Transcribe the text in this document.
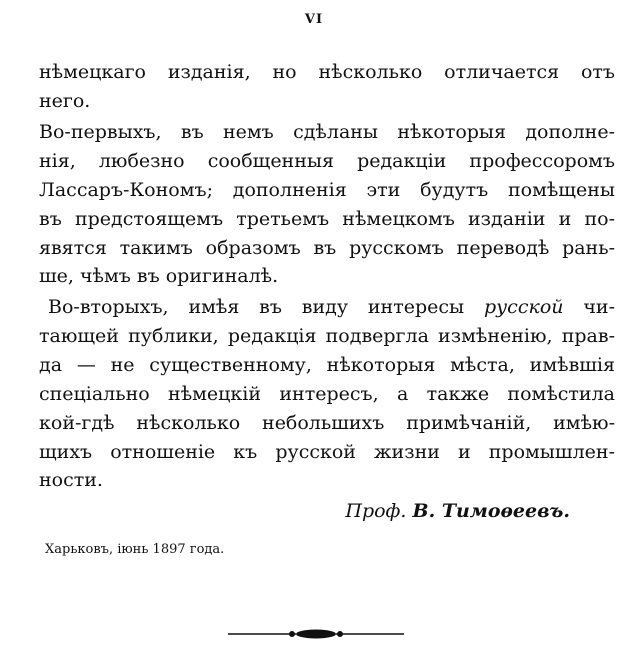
VI
нѣмецкаго изданія, но нѣсколько отличается отъ
него.
Во-первыхъ, въ немъ сдѣланы нѣкоторыя дополне-
нія, любезно сообщенныя редакціи профессоромъ
Лассаръ-Кономъ; дополненія эти будутъ помѣщены
въ предстоящемъ третьемъ нѣмецкомъ изданіи и по-
явятся такимъ образомъ въ русскомъ переводѣ рань-
ше, чѣмъ въ оригиналѣ.
Во-вторыхъ, имѣя въ виду интересы русской чи-
тающей публики, редакція подвергла измѣненію, прав-
да — не существенному, нѣкоторыя мѣста, имѣвшія
спеціально нѣмецкій интересъ, а также помѣстила
кой-гдѣ нѣсколько небольшихъ примѣчаній, имѣю-
щихъ отношеніе къ русской жизни и промышлен-
ности.
Проф. В. Тимоѳеевъ.
Харьковъ, іюнь 1897 года.
